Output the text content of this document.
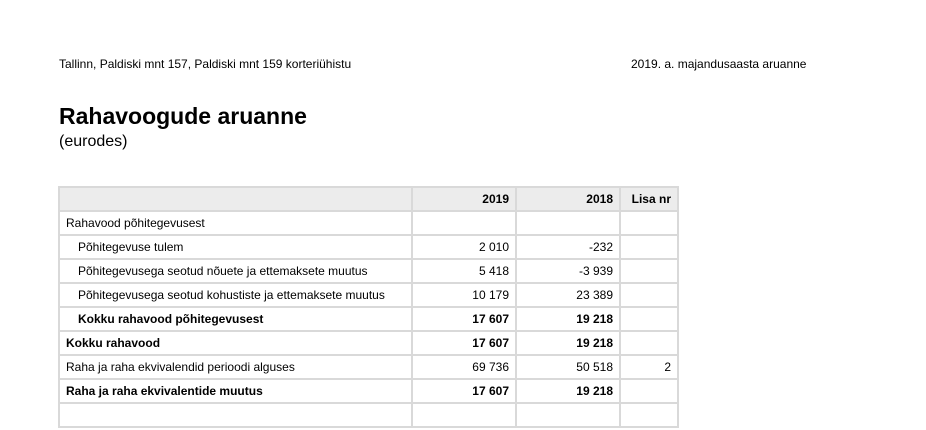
Tallinn, Paldiski mnt 157, Paldiski mnt 159 korteriühistu	2019. a. majandusaasta aruanne
Rahavoogude aruanne
(eurodes)
	2019	2018	Lisa nr
Rahavood põhitegevusest			
Põhitegevuse tulem	2 010	-232	
Põhitegevusega seotud nõuete ja ettemaksete muutus	5 418	-3 939	
Põhitegevusega seotud kohustiste ja ettemaksete muutus	10 179	23 389	
Kokku rahavood põhitegevusest	17 607	19 218	
Kokku rahavood	17 607	19 218	
Raha ja raha ekvivalendid perioodi alguses	69 736	50 518	2
Raha ja raha ekvivalentide muutus	17 607	19 218	
